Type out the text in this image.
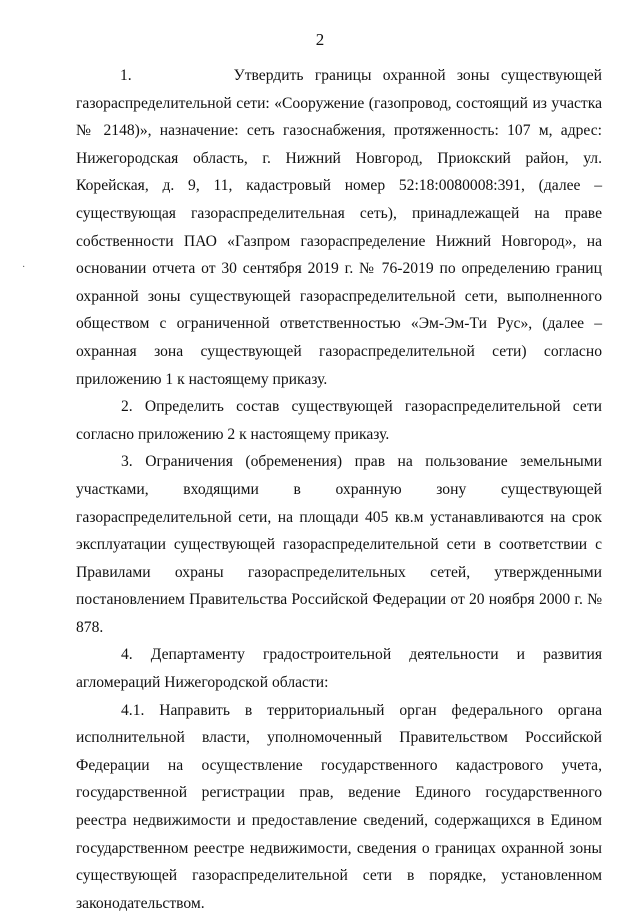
2
·

1.         Утвердить границы охранной зоны существующей газораспределительной сети: «Сооружение (газопровод, состоящий из участка № 2148)», назначение: сеть газоснабжения, протяженность: 107 м, адрес: Нижегородская область, г. Нижний Новгород, Приокский район, ул. Корейская, д. 9, 11, кадастровый номер 52:18:0080008:391, (далее – существующая газораспределительная сеть), принадлежащей на праве собственности ПАО «Газпром газораспределение Нижний Новгород», на основании отчета от 30 сентября 2019 г. № 76-2019 по определению границ охранной зоны существующей газораспределительной сети, выполненного обществом с ограниченной ответственностью «Эм-Эм-Ти Рус», (далее – охранная зона существующей газораспределительной сети) согласно приложению 1 к настоящему приказу.

2. Определить состав существующей газораспределительной сети согласно приложению 2 к настоящему приказу.

3. Ограничения (обременения) прав на пользование земельными участками, входящими в охранную зону существующей газораспределительной сети, на площади 405 кв.м устанавливаются на срок эксплуатации существующей газораспределительной сети в соответствии с Правилами охраны газораспределительных сетей, утвержденными постановлением Правительства Российской Федерации от 20 ноября 2000 г. № 878.

4. Департаменту градостроительной деятельности и развития агломераций Нижегородской области:

4.1. Направить в территориальный орган федерального органа исполнительной власти, уполномоченный Правительством Российской Федерации на осуществление государственного кадастрового учета, государственной регистрации прав, ведение Единого государственного реестра недвижимости и предоставление сведений, содержащихся в Едином государственном реестре недвижимости, сведения о границах охранной зоны существующей газораспределительной сети в порядке, установленном законодательством.
